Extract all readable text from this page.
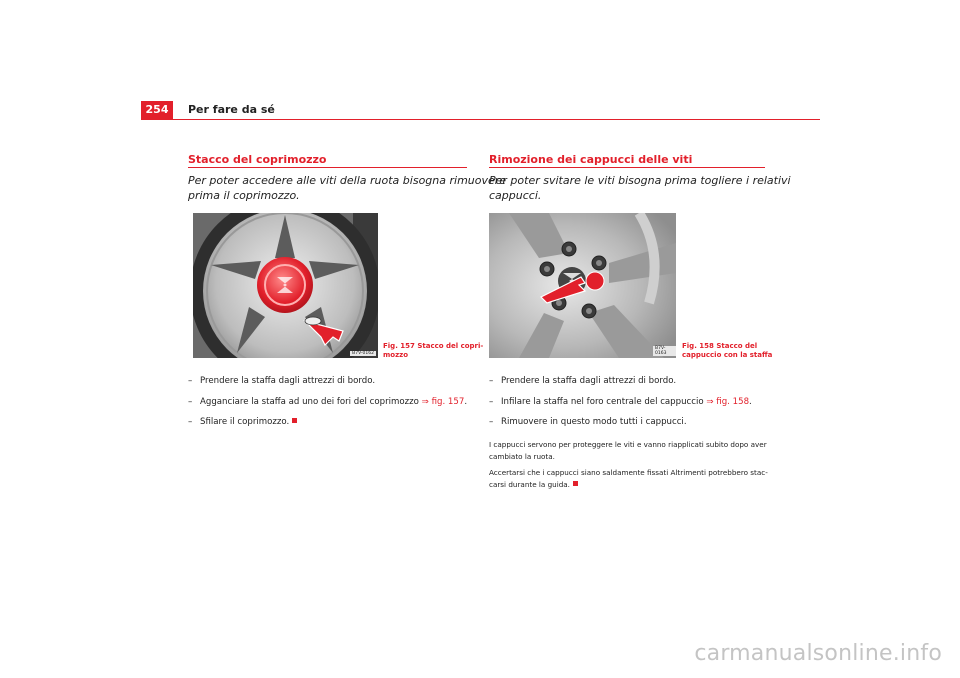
254	Per fare da sé
Stacco del coprimozzo
Per poter accedere alle viti della ruota bisogna rimuovere
prima il coprimozzo.
B7V-0162
Fig. 157 Stacco del copri-
mozzo
– Prendere la staffa dagli attrezzi di bordo.
– Agganciare la staffa ad uno dei fori del coprimozzo ⇒ fig. 157.
– Sfilare il coprimozzo.
Rimozione dei cappucci delle viti
Per poter svitare le viti bisogna prima togliere i relativi
cappucci.
B7V-0163
Fig. 158 Stacco del
cappuccio con la staffa
– Prendere la staffa dagli attrezzi di bordo.
– Infilare la staffa nel foro centrale del cappuccio ⇒ fig. 158.
– Rimuovere in questo modo tutti i cappucci.
I cappucci servono per proteggere le viti e vanno riapplicati subito dopo aver
cambiato la ruota.
Accertarsi che i cappucci siano saldamente fissati Altrimenti potrebbero stac-
carsi durante la guida.
carmanualsonline.info
